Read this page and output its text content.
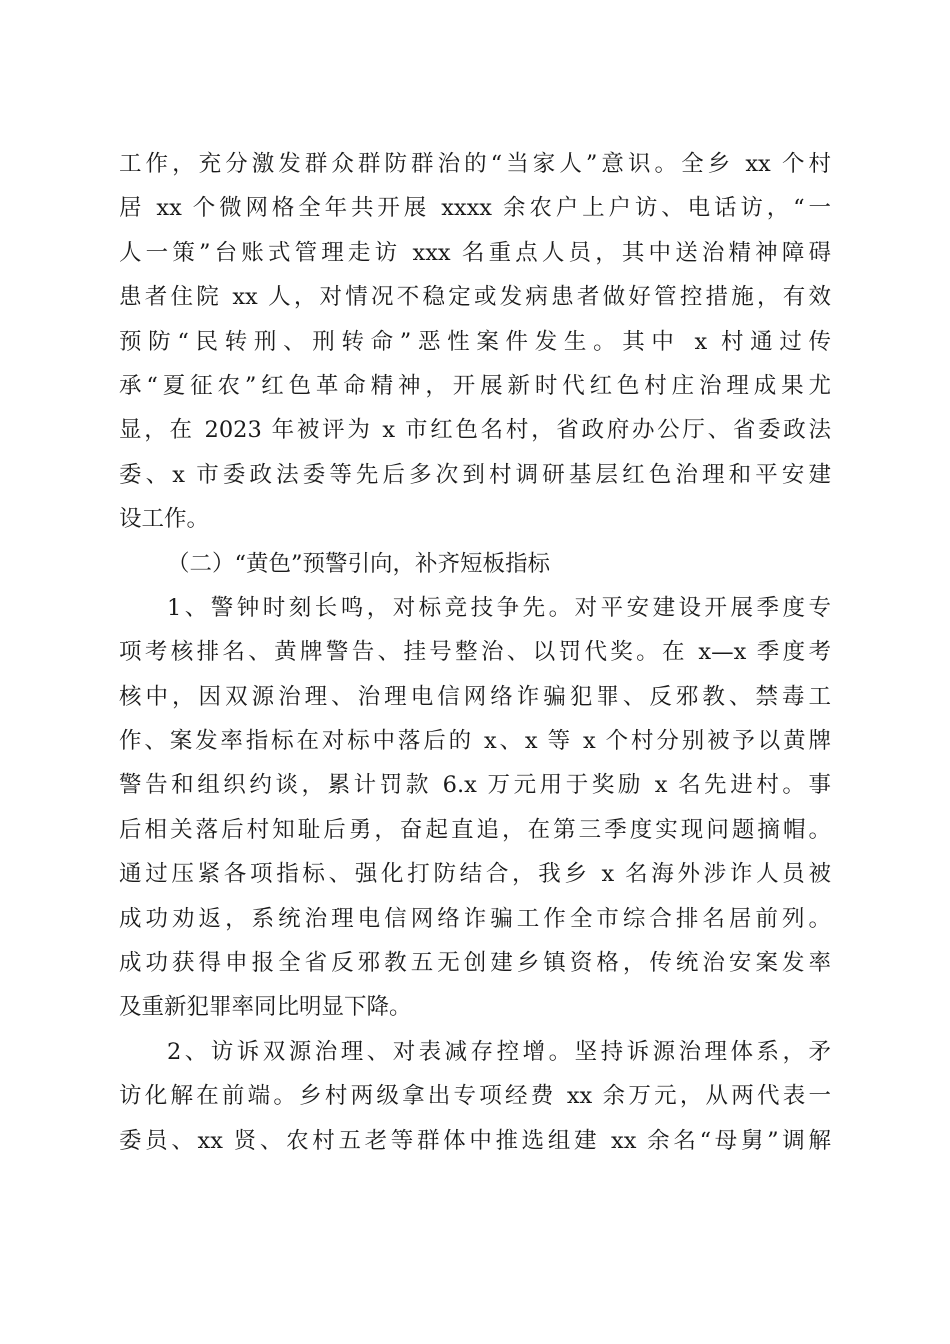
工作，充分激发群众群防群治的“当家人”意识。全乡 xx 个村
居 xx 个微网格全年共开展 xxxx 余农户上户访、电话访，“一
人一策”台账式管理走访 xxx 名重点人员，其中送治精神障碍
患者住院 xx 人，对情况不稳定或发病患者做好管控措施，有效
预防“民转刑、刑转命”恶性案件发生。其中 x 村通过传
承“夏征农”红色革命精神，开展新时代红色村庄治理成果尤
显，在 2023 年被评为 x 市红色名村，省政府办公厅、省委政法
委、x 市委政法委等先后多次到村调研基层红色治理和平安建
设工作。
（二）“黄色”预警引向，补齐短板指标
1、警钟时刻长鸣，对标竞技争先。对平安建设开展季度专
项考核排名、黄牌警告、挂号整治、以罚代奖。在 x—x 季度考
核中，因双源治理、治理电信网络诈骗犯罪、反邪教、禁毒工
作、案发率指标在对标中落后的 x、x 等 x 个村分别被予以黄牌
警告和组织约谈，累计罚款 6.x 万元用于奖励 x 名先进村。事
后相关落后村知耻后勇，奋起直追，在第三季度实现问题摘帽。
通过压紧各项指标、强化打防结合，我乡 x 名海外涉诈人员被
成功劝返，系统治理电信网络诈骗工作全市综合排名居前列。
成功获得申报全省反邪教五无创建乡镇资格，传统治安案发率
及重新犯罪率同比明显下降。
2、访诉双源治理、对表减存控增。坚持诉源治理体系，矛
访化解在前端。乡村两级拿出专项经费 xx 余万元，从两代表一
委员、xx 贤、农村五老等群体中推选组建 xx 余名“母舅”调解
